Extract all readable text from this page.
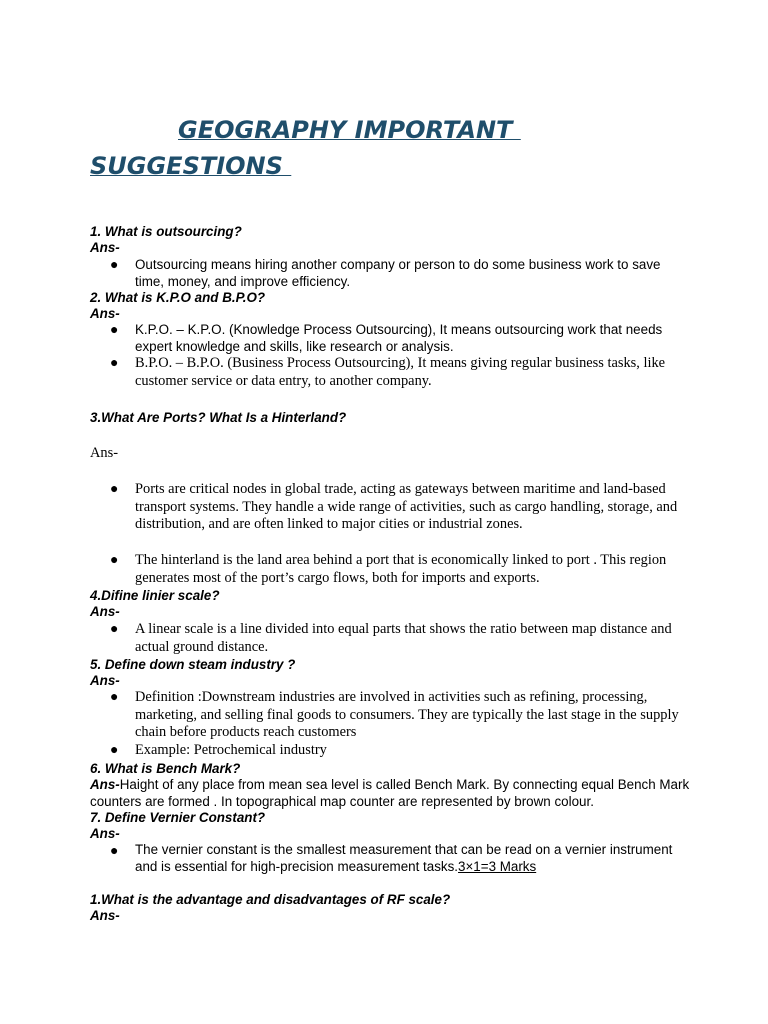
GEOGRAPHY IMPORTANT
SUGGESTIONS
1. What is outsourcing?
Ans-
● Outsourcing means hiring another company or person to do some business work to save time, money, and improve efficiency.
2. What is K.P.O and B.P.O?
Ans-
● K.P.O. – K.P.O. (Knowledge Process Outsourcing), It means outsourcing work that needs expert knowledge and skills, like research or analysis.
● B.P.O. – B.P.O. (Business Process Outsourcing), It means giving regular business tasks, like customer service or data entry, to another company.
3.What Are Ports? What Is a Hinterland?
Ans-
● Ports are critical nodes in global trade, acting as gateways between maritime and land-based transport systems. They handle a wide range of activities, such as cargo handling, storage, and distribution, and are often linked to major cities or industrial zones.
● The hinterland is the land area behind a port that is economically linked to port . This region generates most of the port’s cargo flows, both for imports and exports.
4.Difine linier scale?
Ans-
● A linear scale is a line divided into equal parts that shows the ratio between map distance and actual ground distance.
5. Define down steam industry ?
Ans-
● Definition :Downstream industries are involved in activities such as refining, processing, marketing, and selling final goods to consumers. They are typically the last stage in the supply chain before products reach customers
● Example: Petrochemical industry
6. What is Bench Mark?
Ans-Haight of any place from mean sea level is called Bench Mark. By connecting equal Bench Mark counters are formed . In topographical map counter are represented by brown colour.
7. Define Vernier Constant?
Ans-
● The vernier constant is the smallest measurement that can be read on a vernier instrument and is essential for high-precision measurement tasks.3×1=3 Marks
1.What is the advantage and disadvantages of RF scale?
Ans-
